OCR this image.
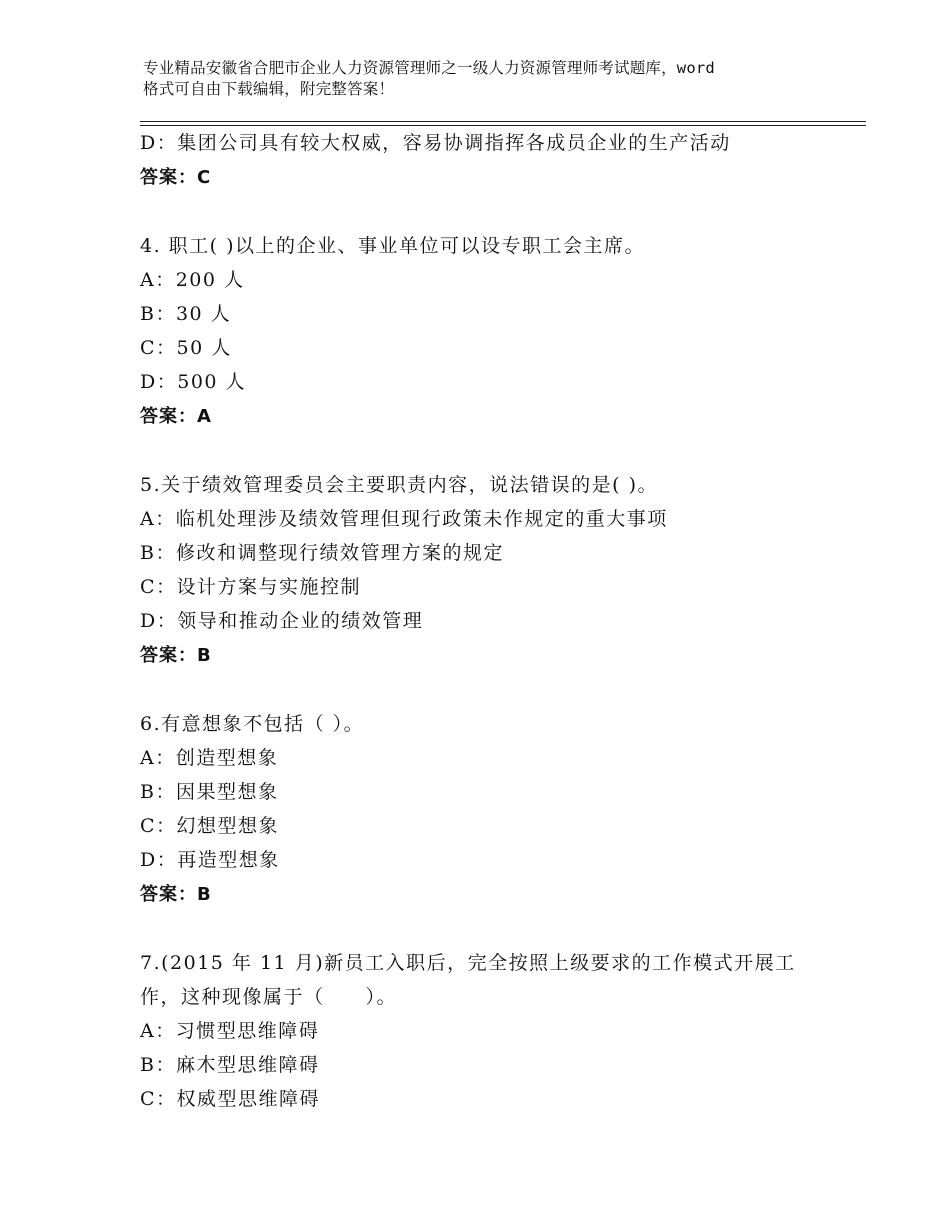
专业精品安徽省合肥市企业人力资源管理师之一级人力资源管理师考试题库，word
格式可自由下载编辑，附完整答案！
D：集团公司具有较大权威，容易协调指挥各成员企业的生产活动
答案：C
4. 职工( )以上的企业、事业单位可以设专职工会主席。
A：200 人
B：30 人
C：50 人
D：500 人
答案：A
5.关于绩效管理委员会主要职责内容，说法错误的是( )。
A：临机处理涉及绩效管理但现行政策未作规定的重大事项
B：修改和调整现行绩效管理方案的规定
C：设计方案与实施控制
D：领导和推动企业的绩效管理
答案：B
6.有意想象不包括（ ）。
A：创造型想象
B：因果型想象
C：幻想型想象
D：再造型想象
答案：B
7.(2015 年 11 月)新员工入职后，完全按照上级要求的工作模式开展工
作，这种现像属于（　　）。
A：习惯型思维障碍
B：麻木型思维障碍
C：权威型思维障碍
